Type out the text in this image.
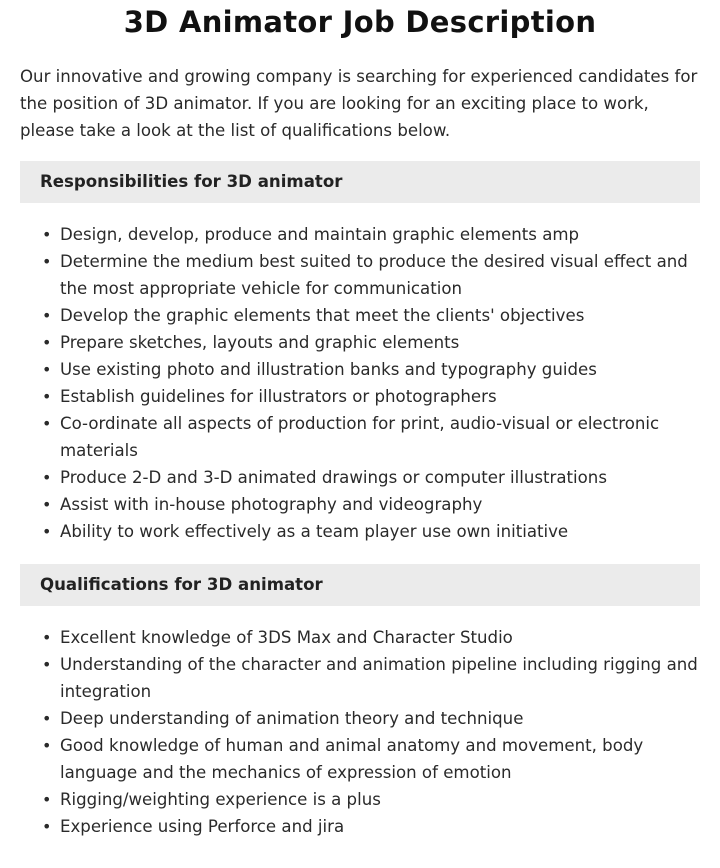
3D Animator Job Description

Our innovative and growing company is searching for experienced candidates for the position of 3D animator. If you are looking for an exciting place to work, please take a look at the list of qualifications below.

Responsibilities for 3D animator
• Design, develop, produce and maintain graphic elements amp
• Determine the medium best suited to produce the desired visual effect and the most appropriate vehicle for communication
• Develop the graphic elements that meet the clients' objectives
• Prepare sketches, layouts and graphic elements
• Use existing photo and illustration banks and typography guides
• Establish guidelines for illustrators or photographers
• Co-ordinate all aspects of production for print, audio-visual or electronic materials
• Produce 2-D and 3-D animated drawings or computer illustrations
• Assist with in-house photography and videography
• Ability to work effectively as a team player use own initiative
Qualifications for 3D animator
• Excellent knowledge of 3DS Max and Character Studio
• Understanding of the character and animation pipeline including rigging and integration
• Deep understanding of animation theory and technique
• Good knowledge of human and animal anatomy and movement, body language and the mechanics of expression of emotion
• Rigging/weighting experience is a plus
• Experience using Perforce and jira
